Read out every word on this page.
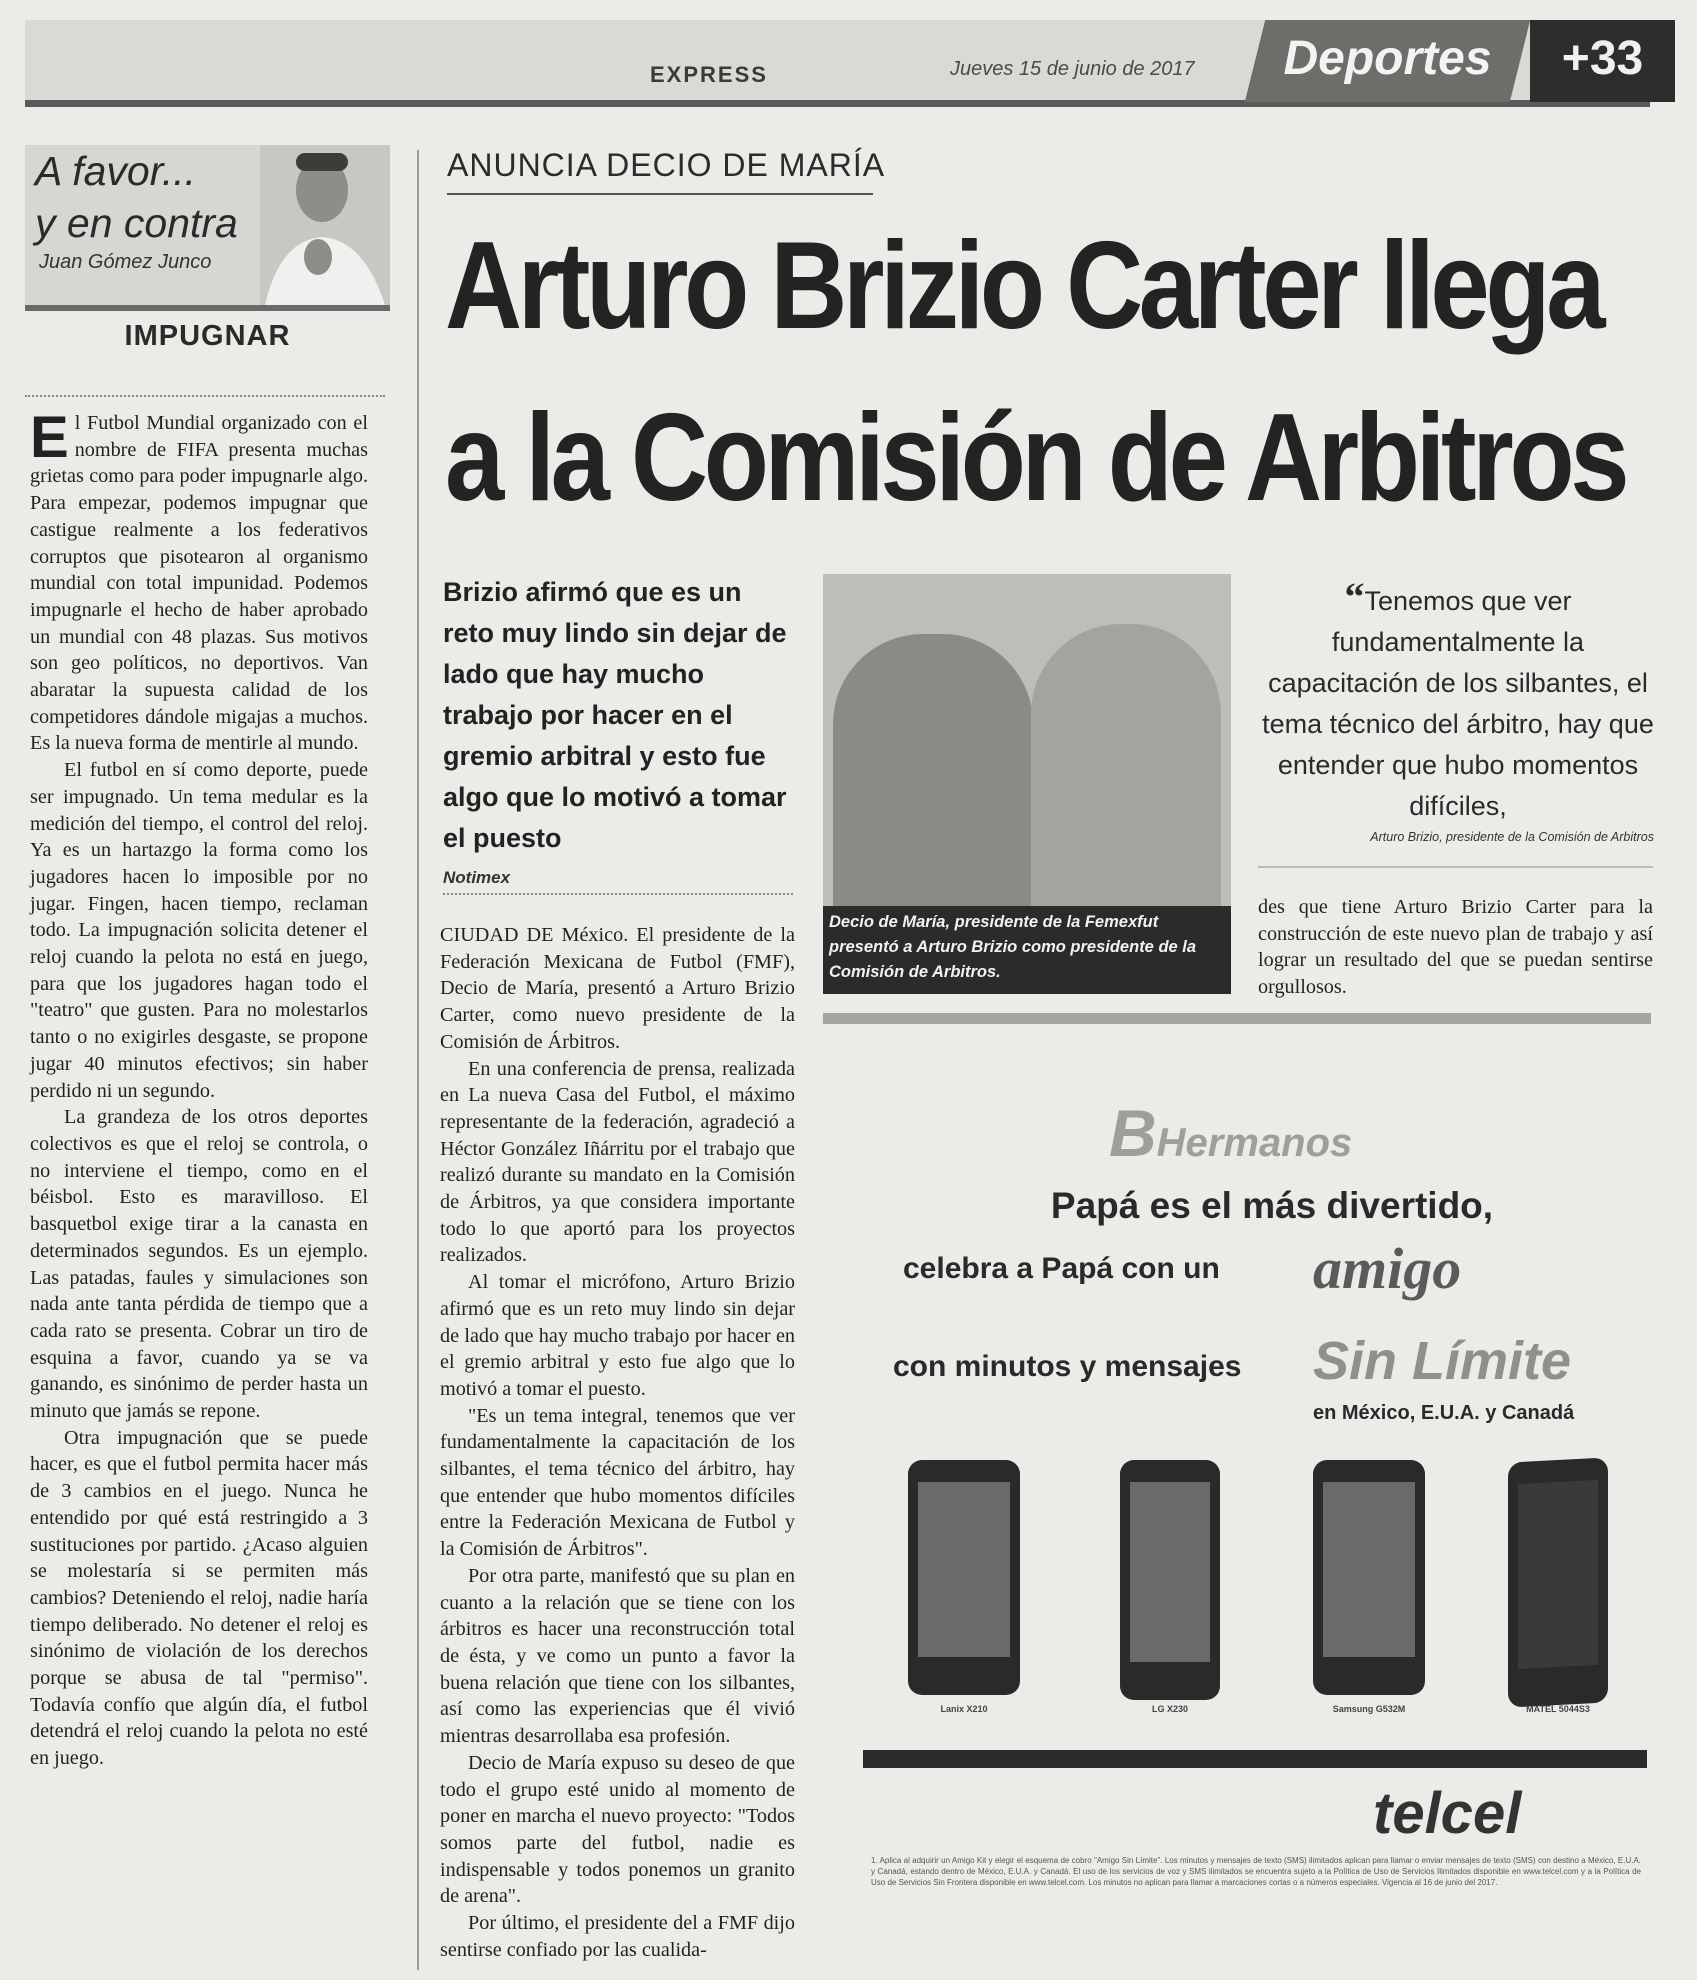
EXPRESS	Jueves 15 de junio de 2017	Deportes	+33
A favor...
y en contra
Juan Gómez Junco
IMPUGNAR

El Futbol Mundial organizado con el nombre de FIFA presenta muchas grietas como para poder impugnarle algo. Para empezar, podemos impugnar que castigue realmente a los federativos corruptos que pisotearon al organismo mundial con total impunidad. Podemos impugnarle el hecho de haber aprobado un mundial con 48 plazas. Sus motivos son geo políticos, no deportivos. Van abaratar la supuesta calidad de los competidores dándole migajas a muchos. Es la nueva forma de mentirle al mundo.

El futbol en sí como deporte, puede ser impugnado. Un tema medular es la medición del tiempo, el control del reloj. Ya es un hartazgo la forma como los jugadores hacen lo imposible por no jugar. Fingen, hacen tiempo, reclaman todo. La impugnación solicita detener el reloj cuando la pelota no está en juego, para que los jugadores hagan todo el "teatro" que gusten. Para no molestarlos tanto o no exigirles desgaste, se propone jugar 40 minutos efectivos; sin haber perdido ni un segundo.

La grandeza de los otros deportes colectivos es que el reloj se controla, o no interviene el tiempo, como en el béisbol. Esto es maravilloso. El basquetbol exige tirar a la canasta en determinados segundos. Es un ejemplo. Las patadas, faules y simulaciones son nada ante tanta pérdida de tiempo que a cada rato se presenta. Cobrar un tiro de esquina a favor, cuando ya se va ganando, es sinónimo de perder hasta un minuto que jamás se repone.

Otra impugnación que se puede hacer, es que el futbol permita hacer más de 3 cambios en el juego. Nunca he entendido por qué está restringido a 3 sustituciones por partido. ¿Acaso alguien se molestaría si se permiten más cambios? Deteniendo el reloj, nadie haría tiempo deliberado. No detener el reloj es sinónimo de violación de los derechos porque se abusa de tal "permiso". Todavía confío que algún día, el futbol detendrá el reloj cuando la pelota no esté en juego.

ANUNCIA DECIO DE MARÍA
Arturo Brizio Carter llega
a la Comisión de Arbitros
Brizio afirmó que es un reto muy lindo sin dejar de lado que hay mucho trabajo por hacer en el gremio arbitral y esto fue algo que lo motivó a tomar el puesto
Notimex

CIUDAD DE México. El presidente de la Federación Mexicana de Futbol (FMF), Decio de María, presentó a Arturo Brizio Carter, como nuevo presidente de la Comisión de Árbitros.

En una conferencia de prensa, realizada en La nueva Casa del Futbol, el máximo representante de la federación, agradeció a Héctor González Iñárritu por el trabajo que realizó durante su mandato en la Comisión de Árbitros, ya que considera importante todo lo que aportó para los proyectos realizados.

Al tomar el micrófono, Arturo Brizio afirmó que es un reto muy lindo sin dejar de lado que hay mucho trabajo por hacer en el gremio arbitral y esto fue algo que lo motivó a tomar el puesto.

"Es un tema integral, tenemos que ver fundamentalmente la capacitación de los silbantes, el tema técnico del árbitro, hay que entender que hubo momentos difíciles entre la Federación Mexicana de Futbol y la Comisión de Árbitros".

Por otra parte, manifestó que su plan en cuanto a la relación que se tiene con los árbitros es hacer una reconstrucción total de ésta, y ve como un punto a favor la buena relación que tiene con los silbantes, así como las experiencias que él vivió mientras desarrollaba esa profesión.

Decio de María expuso su deseo de que todo el grupo esté unido al momento de poner en marcha el nuevo proyecto: "Todos somos parte del futbol, nadie es indispensable y todos ponemos un granito de arena".

Por último, el presidente del a FMF dijo sentirse confiado por las cualida-

Decio de María, presidente de la Femexfut presentó a Arturo Brizio como presidente de la Comisión de Arbitros.
“Tenemos que ver fundamentalmente la capacitación de los silbantes, el tema técnico del árbitro, hay que entender que hubo momentos difíciles,
Arturo Brizio, presidente de la Comisión de Arbitros
des que tiene Arturo Brizio Carter para la construcción de este nuevo plan de trabajo y así lograr un resultado del que se puedan sentirse orgullosos.
BHermanos
Papá es el más divertido,
celebra a Papá con un amigo
con minutos y mensajes Sin Límite
en México, E.U.A. y Canadá
Lanix X210	LG X230	Samsung G532M	MATEL 5044S3
telcel
1. Aplica al adquirir un Amigo Kit y elegir el esquema de cobro "Amigo Sin Límite". Los minutos y mensajes de texto (SMS) ilimitados aplican para llamar o enviar mensajes de texto (SMS) con destino a México, E.U.A. y Canadá, estando dentro de México, E.U.A. y Canadá. El uso de los servicios de voz y SMS ilimitados se encuentra sujeto a la Política de Uso de Servicios Ilimitados disponible en www.telcel.com y a la Política de Uso de Servicios Sin Frontera disponible en www.telcel.com. Los minutos no aplican para llamar a marcaciones cortas o a números especiales. Vigencia al 16 de junio del 2017.
